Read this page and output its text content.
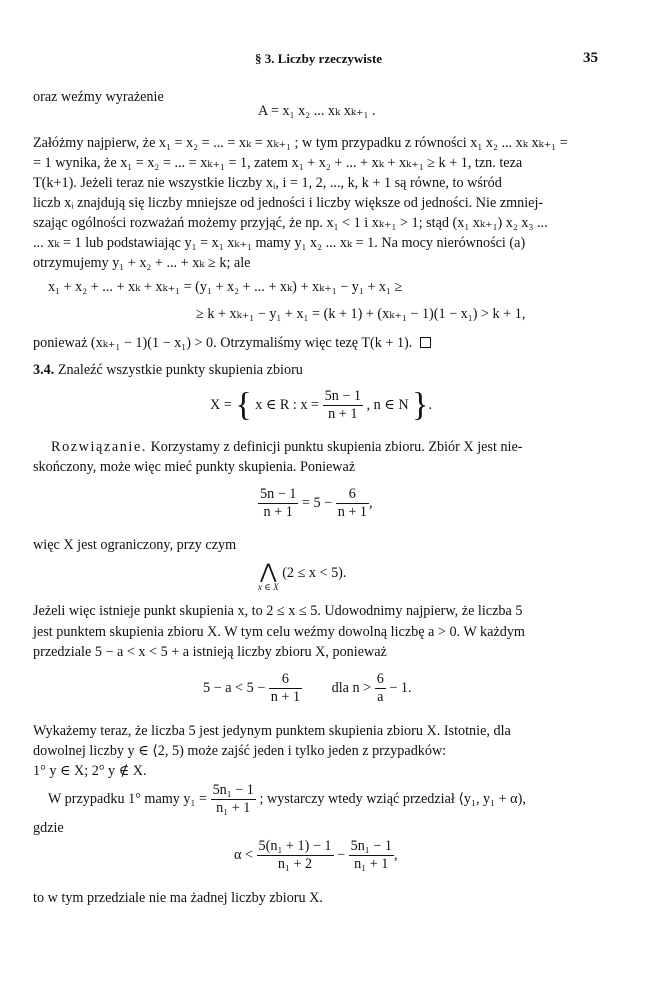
§ 3. Liczby rzeczywiste	35
oraz weźmy wyrażenie
A = x₁ x₂ ... xₖ xₖ₊₁ .
Załóżmy najpierw, że x₁ = x₂ = ... = xₖ = xₖ₊₁ ; w tym przypadku z równości x₁ x₂ ... xₖ xₖ₊₁ =
= 1 wynika, że x₁ = x₂ = ... = xₖ₊₁ = 1, zatem x₁ + x₂ + ... + xₖ + xₖ₊₁ ≥ k + 1, tzn. teza
T(k+1). Jeżeli teraz nie wszystkie liczby xᵢ, i = 1, 2, ..., k, k + 1 są równe, to wśród
liczb xᵢ znajdują się liczby mniejsze od jedności i liczby większe od jedności. Nie zmniej-
szając ogólności rozważań możemy przyjąć, że np. x₁ < 1 i xₖ₊₁ > 1; stąd (x₁ xₖ₊₁) x₂ x₃ ...
... xₖ = 1 lub podstawiając y₁ = x₁ xₖ₊₁ mamy y₁ x₂ ... xₖ = 1. Na mocy nierówności (a)
otrzymujemy y₁ + x₂ + ... + xₖ ≥ k; ale
x₁ + x₂ + ... + xₖ + xₖ₊₁ = (y₁ + x₂ + ... + xₖ) + xₖ₊₁ − y₁ + x₁ ≥
≥ k + xₖ₊₁ − y₁ + x₁ = (k + 1) + (xₖ₊₁ − 1)(1 − x₁) > k + 1,
ponieważ (xₖ₊₁ − 1)(1 − x₁) > 0. Otrzymaliśmy więc tezę T(k + 1).
3.4. Znaleźć wszystkie punkty skupienia zbioru
X = { x ∈ R : $x = \frac{5n - 1}{n + 1}$ , n ∈ N }.
Rozwiązanie. Korzystamy z definicji punktu skupienia zbioru. Zbiór X jest nie-
skończony, może więc mieć punkty skupienia. Ponieważ
$\frac{5n - 1}{n + 1} = 5 - \frac{6}{n + 1}$ ,
więc X jest ograniczony, przy czym
⋀
x ∈ X
(2 ≤ x < 5).
Jeżeli więc istnieje punkt skupienia x, to 2 ≤ x ≤ 5. Udowodnimy najpierw, że liczba 5
jest punktem skupienia zbioru X. W tym celu weźmy dowolną liczbę a > 0. W każdym
przedziale 5 − a < x < 5 + a istnieją liczby zbioru X, ponieważ
$5 - a < 5 - \frac{6}{n + 1}$ dla $n > \frac{6}{a} - 1$.
Wykażemy teraz, że liczba 5 jest jedynym punktem skupienia zbioru X. Istotnie, dla
dowolnej liczby y ∈ ⟨2, 5) może zajść jeden i tylko jeden z przypadków:
1° y ∈ X; 2° y ∉ X.
W przypadku 1° mamy $y_1 = \frac{\text{5n₁ − 1}}{\text{n₁ + 1}}$ ; wystarczy wtedy wziąć przedział ⟨y₁, y₁ + α),
gdzie
$\alpha < \frac{\text{5(n₁ + 1) − 1}}{\text{n₁ + 2}} - \frac{\text{5n₁ − 1}}{\text{n₁ + 1}}$ ,
to w tym przedziale nie ma żadnej liczby zbioru X.
